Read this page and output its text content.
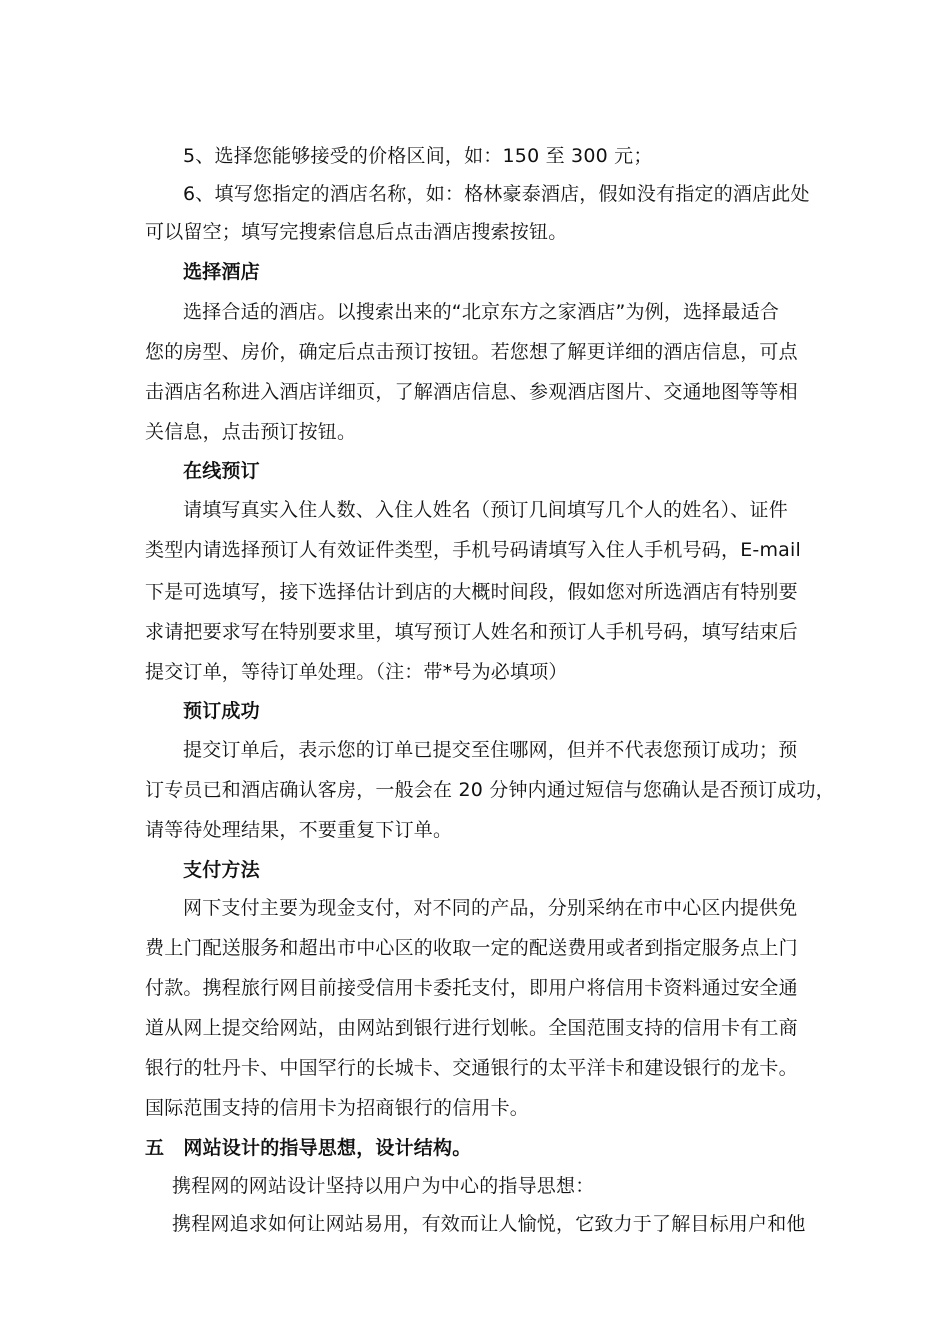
5、选择您能够接受的价格区间，如：150 至 300 元；

6、填写您指定的酒店名称，如：格林豪泰酒店，假如没有指定的酒店此处

可以留空；填写完搜索信息后点击酒店搜索按钮。

选择酒店

选择合适的酒店。以搜索出来的“北京东方之家酒店”为例，选择最适合

您的房型、房价，确定后点击预订按钮。若您想了解更详细的酒店信息，可点

击酒店名称进入酒店详细页，了解酒店信息、参观酒店图片、交通地图等等相

关信息，点击预订按钮。

在线预订

请填写真实入住人数、入住人姓名（预订几间填写几个人的姓名）、证件

类型内请选择预订人有效证件类型，手机号码请填写入住人手机号码，E-mail

下是可选填写，接下选择估计到店的大概时间段，假如您对所选酒店有特别要

求请把要求写在特别要求里，填写预订人姓名和预订人手机号码，填写结束后

提交订单，等待订单处理。（注：带*号为必填项）

预订成功

提交订单后，表示您的订单已提交至住哪网，但并不代表您预订成功；预

订专员已和酒店确认客房，一般会在 20 分钟内通过短信与您确认是否预订成功，

请等待处理结果，不要重复下订单。

支付方法

网下支付主要为现金支付，对不同的产品，分别采纳在市中心区内提供免

费上门配送服务和超出市中心区的收取一定的配送费用或者到指定服务点上门

付款。携程旅行网目前接受信用卡委托支付，即用户将信用卡资料通过安全通

道从网上提交给网站，由网站到银行进行划帐。全国范围支持的信用卡有工商

银行的牡丹卡、中国罕行的长城卡、交通银行的太平洋卡和建设银行的龙卡。

国际范围支持的信用卡为招商银行的信用卡。

五　网站设计的指导思想，设计结构。

携程网的网站设计坚持以用户为中心的指导思想：

携程网追求如何让网站易用，有效而让人愉悦，它致力于了解目标用户和他
